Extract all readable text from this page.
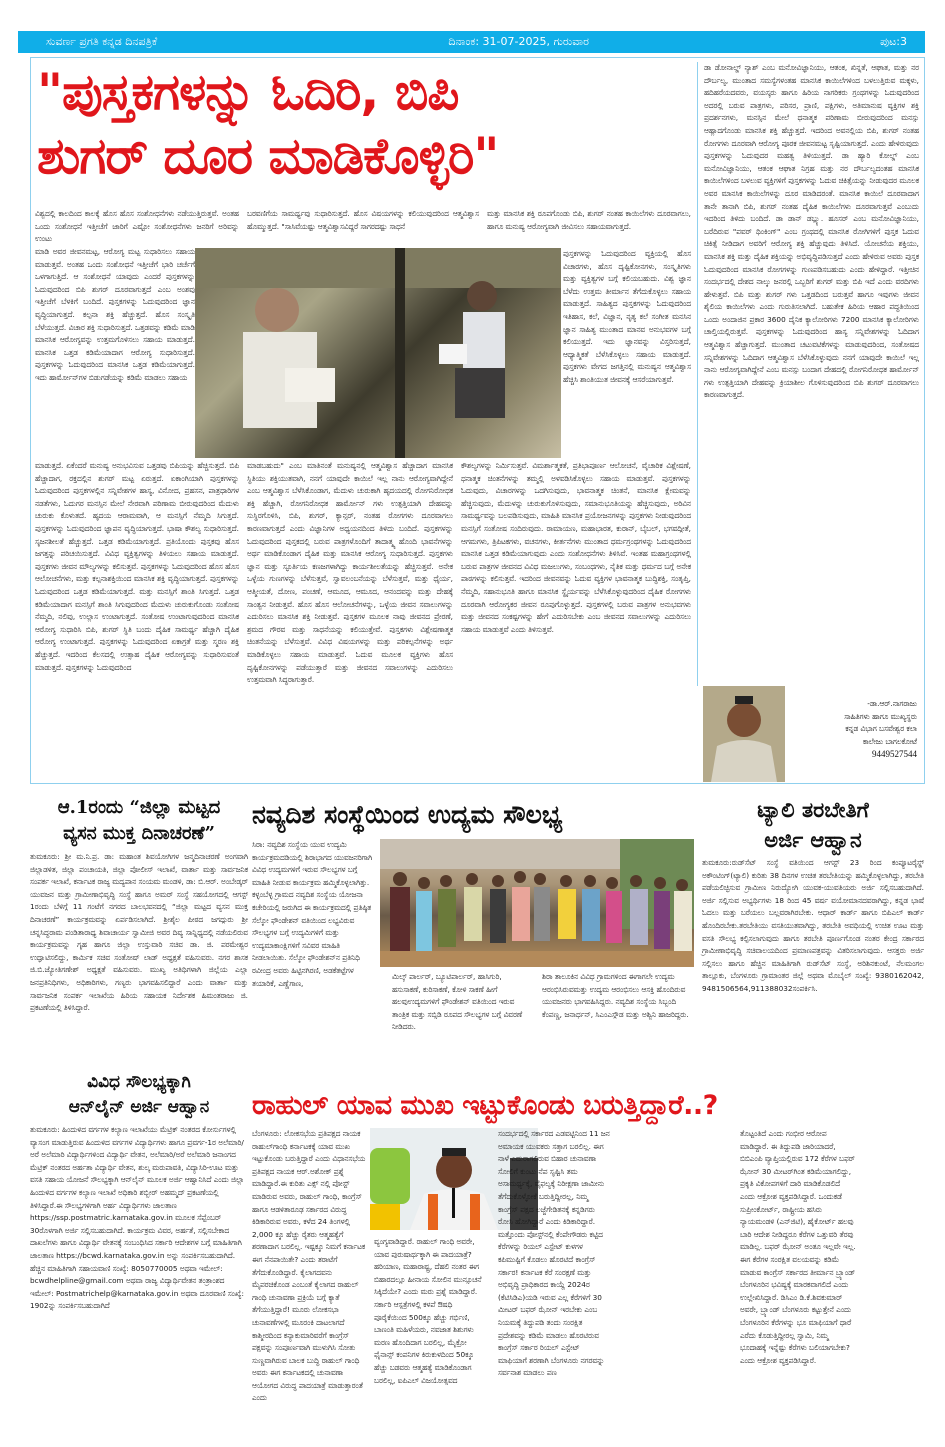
ಸುವರ್ಣ ಪ್ರಗತಿ ಕನ್ನಡ ದಿನಪತ್ರಿಕೆ	ದಿನಾಂಕ: 31-07-2025, ಗುರುವಾರ	ಪುಟ:3
"ಪುಸ್ತಕಗಳನ್ನು ಓದಿರಿ, ಬಿಪಿ
ಶುಗರ್ ದೂರ ಮಾಡಿಕೊಳ್ಳಿರಿ"
ವಿಶ್ವದಲ್ಲಿ ಕಾಲದಿಂದ ಕಾಲಕ್ಕೆ ಹೊಸ ಹೊಸ ಸಂಶೋಧನೆಗಳು ನಡೆಯುತ್ತಿರುತ್ತವೆ. ಅಂತಹ ಒಂದು ಸಂಶೋಧನೆ ಇತ್ತೀಚೆಗೆ ಜಾರಿಗೆ ಎಷ್ಟೋ ಸಂಶೋಧನೆಗಳು ಜನರಿಗೆ ಅರಿವನ್ನು ಉಂಟು
ಮಾಡಿ ಅವರ ಜೀವನಮಟ್ಟ, ಆರೋಗ್ಯ ಮಟ್ಟ ಸುಧಾರಿಸಲು ಸಹಾಯ ಮಾಡುತ್ತವೆ. ಅಂತಹ ಒಂದು ಸಂಶೋಧನೆ ಇತ್ತೀಚೆಗೆ ಭಾರಿ ಚರ್ಚೆಗೆ ಒಳಗಾಗುತ್ತಿದೆ. ಆ ಸಂಶೋಧನೆ ಯಾವುದು ಎಂದರೆ ಪುಸ್ತಕಗಳನ್ನು ಓದುವುದರಿಂದ ಬಿಪಿ ಶುಗರ್ ದೂರವಾಗುತ್ತದೆ ಎಂಬ ಅಂಶವು ಇತ್ತೀಚೆಗೆ ಬೆಳಕಿಗೆ ಬಂದಿದೆ. ಪುಸ್ತಕಗಳನ್ನು ಓದುವುದರಿಂದ ಜ್ಞಾನ ವೃದ್ಧಿಯಾಗುತ್ತದೆ. ಕಲ್ಪನಾ ಶಕ್ತಿ ಹೆಚ್ಚುತ್ತದೆ. ಹೊಸ ಸಂಸ್ಕೃತಿ ಬೆಳೆಯುತ್ತದೆ. ವಿಚಾರ ಶಕ್ತಿ ಸುಧಾರಿಸುತ್ತದೆ. ಒತ್ತಡವನ್ನು ಕಡಿಮೆ ಮಾಡಿ ಮಾನಸಿಕ ಆರೋಗ್ಯವನ್ನು ಉತ್ತಮಗೊಳಿಸಲು ಸಹಾಯ ಮಾಡುತ್ತದೆ. ಮಾನಸಿಕ ಒತ್ತಡ ಕಡಿಮೆಯಾದಾಗ ಆರೋಗ್ಯ ಸುಧಾರಿಸುತ್ತದೆ. ಪುಸ್ತಕಗಳನ್ನು ಓದುವುದರಿಂದ ಮಾನಸಿಕ ಒತ್ತಡ ಕಡಿಮೆಯಾಗುತ್ತದೆ. ಇದು ಹಾರ್ಮೋನ್‌ಗಳ ಬಿಡುಗಡೆಯನ್ನು ಕಡಿಮೆ ಮಾಡಲು ಸಹಾಯ
ಮಾಡುತ್ತದೆ. ಏಕೆಂದರೆ ಮನುಷ್ಯ ಅನುಭವಿಸುವ ಒತ್ತಡವು ಬಿಪಿಯನ್ನು ಹೆಚ್ಚಿಸುತ್ತದೆ. ಬಿಪಿ ಹೆಚ್ಚಾದಾಗ, ರಕ್ತದಲ್ಲಿನ ಶುಗರ್ ಮಟ್ಟ ಏರುತ್ತದೆ. ಏಕಾಂಗಿಯಾಗಿ ಪುಸ್ತಕಗಳನ್ನು ಓದುವುದರಿಂದ ಪುಸ್ತಕಗಳಲ್ಲಿನ ಸನ್ನಿವೇಶಗಳ ಹಾಸ್ಯ, ವಿನೋದ, ಪ್ರಹಸನ, ಪಾತ್ರಧಾರಿಗಳ ನಡತೆಗಳು, ಓದುಗರ ಮನಸ್ಸಿನ ಮೇಲೆ ನೇರವಾಗಿ ಪರಿಣಾಮ ಬೀರುವುದರಿಂದ ಮೆದುಳು ಚುರುಕು ಕೊಳುತದೆ. ಹೃದಯ ಆರಾಮವಾಗಿ, ಆ ಮನಸ್ಸಿಗೆ ನೆಮ್ಮದಿ ಸಿಗುತ್ತದೆ. ಪುಸ್ತಕಗಳನ್ನು ಓದುವುದರಿಂದ ಜ್ಞಾಪನ ವೃದ್ಧಿಯಾಗುತ್ತದೆ. ಭಾಷಾ ಕೌಶಲ್ಯ ಸುಧಾರಿಸುತ್ತದೆ. ಸೃಜನಶೀಲತೆ ಹೆಚ್ಚುತ್ತದೆ. ಒತ್ತಡ ಕಡಿಮೆಯಾಗುತ್ತದೆ. ಪ್ರತಿಯೊಂದು ಪುಸ್ತಕವು ಹೊಸ ಜಗತ್ತನ್ನು ಪರಿಚಯಿಸುತ್ತದೆ. ವಿವಿಧ ವ್ಯಕ್ತಿತ್ವಗಳನ್ನು ತಿಳಿಯಲು ಸಹಾಯ ಮಾಡುತ್ತದೆ. ಪುಸ್ತಕಗಳು ಜೀವನ ಮೌಲ್ಯಗಳನ್ನು ಕಲಿಸುತ್ತವೆ. ಪುಸ್ತಕಗಳನ್ನು ಓದುವುದರಿಂದ ಹೊಸ ಹೊಸ ಆಲೋಚನೆಗಳು, ಮತ್ತು ಕಲ್ಪನಾಶಕ್ತಿಯಿಂದ ಮಾನಸಿಕ ಶಕ್ತಿ ವೃದ್ಧಿಯಾಗುತ್ತದೆ. ಪುಸ್ತಕಗಳನ್ನು ಓದುವುದರಿಂದ ಒತ್ತಡ ಕಡಿಮೆಯಾಗುತ್ತದೆ. ಮತ್ತು ಮನಸ್ಸಿಗೆ ಶಾಂತಿ ಸಿಗುತ್ತದೆ. ಒತ್ತಡ ಕಡಿಮೆಯಾದಾಗ ಮನಸ್ಸಿಗೆ ಶಾಂತಿ ಸಿಗುವುದರಿಂದ ಮೆದುಳು ಚುರುಕುಗೊಂಡು ಸಂತೋಷ ನೆಮ್ಮದಿ, ನಲಿವು, ಉಲ್ಲಾಸ ಉಂಟಾಗುತ್ತದೆ. ಸಂತೋಷ ಉಂಟಾಗುವುದರಿಂದ ಮಾನಸಿಕ ಆರೋಗ್ಯ ಸುಧಾರಿಸಿ ಬಿಪಿ, ಶುಗರ್ ಸ್ಥಿತಿ ಬಂದು ದೈಹಿಕ ಸಾಮರ್ಥ್ಯ ಹೆಚ್ಚಾಗಿ ದೈಹಿಕ ಆರೋಗ್ಯ ಉಂಟಾಗುತ್ತದೆ. ಪುಸ್ತಕಗಳನ್ನು ಓದುವುದರಿಂದ ಏಕಾಗ್ರತೆ ಮತ್ತು ಸ್ಮರಣ ಶಕ್ತಿ ಹೆಚ್ಚುತ್ತದೆ. ಇದರಿಂದ ಕೆಲಸದಲ್ಲಿ ಉತ್ಸಾಹ ದೈಹಿಕ ಆರೋಗ್ಯವನ್ನು ಸುಧಾರಿಸುವಂತೆ ಮಾಡುತ್ತದೆ. ಪುಸ್ತಕಗಳನ್ನು ಓದುವುದರಿಂದ
ಬರವಣಿಗೆಯ ಸಾಮರ್ಥ್ಯವು ಸುಧಾರಿಸುತ್ತದೆ. ಹೊಸ ವಿಷಯಗಳನ್ನು ಕಲಿಯುವುದರಿಂದ ಆತ್ಮವಿಶ್ವಾಸ ಹೊಮ್ಮುತ್ತದೆ. "ಸಾಸಿವೆಯಷ್ಟು ಆತ್ಮವಿಶ್ವಾಸವಿದ್ದರೆ ಸಾಗರದಷ್ಟು ಸಾಧನೆ
ಮಾಡಬಹುದು" ಎಂಬ ಮಾತಿನಂತೆ ಮನುಷ್ಯನಲ್ಲಿ ಆತ್ಮವಿಶ್ವಾಸ ಹೆಚ್ಚಾದಾಗ ಮಾನಸಿಕ ಸ್ಥಿತಿಯು ಶಕ್ತಿಯುತವಾಗಿ, ನನಗೆ ಯಾವುದೇ ಕಾಯಿಲೆ ಇಲ್ಲ ನಾನು ಆರೋಗ್ಯವಾಗಿದ್ದೇನೆ ಎಂಬ ಆತ್ಮವಿಶ್ವಾಸ ಬೆಳೆಸಿಕೊಂಡಾಗ, ಮೆದುಳು ಚುರುಕಾಗಿ ಹೃದಯದಲ್ಲಿ ರೋಗನಿರೋಧಕ ಶಕ್ತಿ ಹೆಚ್ಚಾಗಿ, ರೋಗನಿರೋಧಕ ಹಾರ್ಮೋನ್ ಗಳು ಉತ್ಪತ್ತಿಯಾಗಿ ದೇಹವನ್ನು ಸುಸ್ಥಿರಗೊಳಿಸಿ, ಬಿಪಿ, ಶುಗರ್, ಕ್ಯಾನ್ಸರ್, ನಂತಹ ರೋಗಗಳು ದೂರವಾಗಲು ಕಾರಣವಾಗುತ್ತದೆ ಎಂದು ವಿಜ್ಞಾನಿಗಳ ಅಧ್ಯಯನದಿಂದ ತಿಳಿದು ಬಂದಿದೆ. ಪುಸ್ತಕಗಳನ್ನು ಓದುವುದರಿಂದ ಪುಸ್ತಕದಲ್ಲಿ ಬರುವ ಪಾತ್ರಗಳೊಂದಿಗೆ ತಾದಾತ್ಮ್ಯ ಹೊಂದಿ ಭಾವನೆಗಳನ್ನು ಅರ್ಥ ಮಾಡಿಕೊಂಡಾಗ ದೈಹಿಕ ಮತ್ತು ಮಾನಸಿಕ ಆರೋಗ್ಯ ಸುಧಾರಿಸುತ್ತದೆ. ಪುಸ್ತಕಗಳು ಜ್ಞಾನ ಮತ್ತು ಸ್ಫೂರ್ತಿಯ ಕಣಜಗಳಾಗಿದ್ದು ಕಾರ್ಯಶೀಲತೆಯನ್ನು ಹೆಚ್ಚಿಸುತ್ತವೆ. ಅನೇಕ ಒಳ್ಳೆಯ ಗುಣಗಳನ್ನು ಬೆಳೆಸುತ್ತವೆ, ಸ್ವಾವಲಂಬನೆಯನ್ನು ಬೆಳೆಸುತ್ತವೆ, ಮತ್ತು ಧೈರ್ಯ, ಆತ್ಮೀಯತೆ, ದೋಣ, ಪಂಚಣೆ, ಆಮೂದ, ಆಮೂದ, ಆನಂದವನ್ನು ಮತ್ತು ದೇಹಕ್ಕೆ ಸಾಂತ್ವನ ನೀಡುತ್ತವೆ. ಹೊಸ ಹೊಸ ಆಲೋಚನೆಗಳನ್ನು, ಒಳ್ಳೆಯ ಜೀವನ ಸವಾಲುಗಳನ್ನು ಎದುರಿಸಲು ಮಾನಸಿಕ ಶಕ್ತಿ ನೀಡುತ್ತವೆ. ಪುಸ್ತಕಗಳ ಮೂಲಕ ನಾವು ಜೀವನದ ಪ್ರೇರಣೆ, ಶ್ರಮದ ಗೌರವ ಮತ್ತು ಸಾಧನೆಯನ್ನು ಕಲಿಯುತ್ತೇವೆ. ಪುಸ್ತಕಗಳು ವಿಶ್ಲೇಷಣಾತ್ಮಕ ಚಿಂತನೆಯನ್ನು ಬೆಳೆಸುತ್ತವೆ. ವಿವಿಧ ವಿಷಯಗಳನ್ನು ಮತ್ತು ಪರಿಕಲ್ಪನೆಗಳನ್ನು ಅರ್ಥ ಮಾಡಿಕೊಳ್ಳಲು ಸಹಾಯ ಮಾಡುತ್ತವೆ. ಓದುವ ಮೂಲಕ ವ್ಯಕ್ತಿಗಳು ಹೊಸ ದೃಷ್ಟಿಕೋನಗಳನ್ನು ಪಡೆಯುತ್ತಾರೆ ಮತ್ತು ಜೀವನದ ಸವಾಲುಗಳನ್ನು ಎದುರಿಸಲು ಉತ್ತಮವಾಗಿ ಸಿದ್ಧರಾಗುತ್ತಾರೆ.
ಮತ್ತು ಮಾನಸಿಕ ಶಕ್ತಿ ರೂಪಗೊಂಡು ಬಿಪಿ, ಶುಗರ್ ನಂತಹ ಕಾಯಿಲೆಗಳು ದೂರವಾಗಲು, ಹಾಗೂ ಮನುಷ್ಯ ಆರೋಗ್ಯವಾಗಿ ಜೀವಿಸಲು ಸಹಾಯವಾಗುತ್ತದೆ.
ಪುಸ್ತಕಗಳನ್ನು ಓದುವುದರಿಂದ ವ್ಯಕ್ತಿಯಲ್ಲಿ ಹೊಸ ವಿಚಾರಗಳು, ಹೊಸ ದೃಷ್ಟಿಕೋನಗಳು, ಸಂಸ್ಕೃತಿಗಳು ಮತ್ತು ವ್ಯಕ್ತಿತ್ವಗಳ ಬಗ್ಗೆ ಕಲಿಯಬಹುದು. ವಿಶ್ವ ಜ್ಞಾನ ಬೆಳೆದು ಉತ್ತಮ ತೀರ್ಮಾನ ತೆಗೆದುಕೊಳ್ಳಲು ಸಹಾಯ ಮಾಡುತ್ತದೆ. ಸಾಹಿತ್ಯದ ಪುಸ್ತಕಗಳನ್ನು ಓದುವುದರಿಂದ ಇತಿಹಾಸ, ಕಲೆ, ವಿಜ್ಞಾನ, ನೃತ್ಯ ಕಲೆ ಸಂಗೀತ ಮನಸಿನ ಜ್ಞಾನ ಸಾಹಿತ್ಯ ಮುಂತಾದ ಮಾನವ ಅನುಭವಗಳ ಬಗ್ಗೆ ಕಲಿಯುತ್ತದೆ. ಇದು ಜ್ಞಾನವನ್ನು ವಿಸ್ತರಿಸುತ್ತದೆ, ಆಧ್ಯಾತ್ಮಿಕತೆ ಬೆಳೆಸಿಕೊಳ್ಳಲು ಸಹಾಯ ಮಾಡುತ್ತದೆ. ಪುಸ್ತಕಗಳು ವೇಗದ ಜಗತ್ತಿನಲ್ಲಿ ಮನುಷ್ಯನ ಆತ್ಮವಿಶ್ವಾಸ ಹೆಚ್ಚಿಸಿ ಶಾಂತಿಯುತ ಜೀವನಕ್ಕೆ ಆಸರೆಯಾಗುತ್ತವೆ.
ಕೌಶಲ್ಯಗಳನ್ನು ನಿರ್ಮಿಸುತ್ತವೆ. ವಿಮರ್ಶಾತ್ಮಕತೆ, ಪ್ರತಿಭಾಪೂರ್ಣ ಆಲೋಚನೆ, ವೈಚಾರಿಕ ವಿಶ್ಲೇಷಣೆ, ಧನಾತ್ಮಕ ಚಿಂತನೆಗಳನ್ನು ತಮ್ಮಲ್ಲಿ ಅಳವಡಿಸಿಕೊಳ್ಳಲು ಸಹಾಯ ಮಾಡುತ್ತವೆ. ಪುಸ್ತಕಗಳನ್ನು ಓದುವುದು, ವಿಚಾರಗಳನ್ನು ಒದಗಿಸುವುದು, ಭಾವನಾತ್ಮಕ ಚಿಂತನೆ, ಮಾನಸಿಕ ಕ್ಷೇಮವನ್ನು ಹೆಚ್ಚಿಸುವುದು, ಮೆದುಳನ್ನು ಚುರುಕುಗೊಳಿಸುವುದು, ಸಮಾನುಭೂತಿಯನ್ನು ಹೆಚ್ಚಿಸುವುದು, ಅರಿವಿನ ಸಾಮರ್ಥ್ಯವನ್ನು ಬಲಪಡಿಸುವುದು, ಮಾಹಿತಿ ಮಾನಸಿಕ ಪ್ರಯೋಜನಗಳನ್ನು ಪುಸ್ತಕಗಳು ನೀಡುವುದರಿಂದ ಮನಸ್ಸಿಗೆ ಸಂತೋಷ ಸಂದಿರುವುದು. ರಾಮಾಯಣ, ಮಹಾಭಾರತ, ಕುರಾನ್, ಬೈಬಲ್, ಭಗವದ್ಗೀತೆ, ಆಗಮಗಳು, ತ್ರಿಪಿಟಕಗಳು, ವಚನಗಳು, ಕೀರ್ತನೆಗಳು ಮುಂತಾದ ಧರ್ಮಗ್ರಂಥಗಳನ್ನು ಓದುವುದರಿಂದ ಮಾನಸಿಕ ಒತ್ತಡ ಕಡಿಮೆಯಾಗುವುದು ಎಂದು ಸಂಶೋಧನೆಗಳು ತಿಳಿಸಿವೆ. ಇಂತಹ ಮಹಾಗ್ರಂಥಗಳಲ್ಲಿ ಬರುವ ಪಾತ್ರಗಳ ಜೀವನದ ವಿವಿಧ ಮಜಲುಗಳು, ಸಂಬಂಧಗಳು, ನೈತಿಕ ಮತ್ತು ಧರ್ಮದ ಬಗ್ಗೆ ಅನೇಕ ಪಾಠಗಳನ್ನು ಕಲಿಸುತ್ತವೆ. ಇದರಿಂದ ಜೀವನವನ್ನು ಓದುವ ವ್ಯಕ್ತಿಗಳ ಭಾವನಾತ್ಮಕ ಬುದ್ಧಿಶಕ್ತಿ, ಸಂತೃಪ್ತಿ, ನೆಮ್ಮದಿ, ಸಹಾನುಭೂತಿ ಹಾಗೂ ಮಾನಸಿಕ ಸ್ಥೈರ್ಯವನ್ನು ಬೆಳೆಸಿಕೊಳ್ಳುವುದರಿಂದ ದೈಹಿಕ ರೋಗಗಳು ದೂರವಾಗಿ ಆರೋಗ್ಯಕರ ಜೀವನ ರೂಪುಗೊಳ್ಳುತ್ತದೆ. ಪುಸ್ತಕಗಳಲ್ಲಿ ಬರುವ ಪಾತ್ರಗಳ ಅನುಭವಗಳು ಮತ್ತು ಜೀವನದ ಸಂಕಷ್ಟಗಳನ್ನು ಹೇಗೆ ಎದುರಿಸಬೇಕು ಎಂಬ ಜೀವನದ ಸವಾಲುಗಳನ್ನು ಎದುರಿಸಲು ಸಹಾಯ ಮಾಡುತ್ತವೆ ಎಂದು ತಿಳಿಸುತ್ತವೆ.
ಡಾ ಡೋನಾಲ್ಡ್ ನ್ಯಾಶ್ ಎಂಬ ಮನೋವಿಜ್ಞಾನಿಯು, ಆತಂಕ, ಖಿನ್ನತೆ, ಆಘಾತ, ಮತ್ತು ನರ ದೌರ್ಬಲ್ಯ, ಮುಂತಾದ ಸಮಸ್ಯೆಗಳಂತಹ ಮಾನಸಿಕ ಕಾಯಿಲೆಗಳಿಂದ ಬಳಲುತ್ತಿರುವ ಮಕ್ಕಳು, ಹದಿಹರೆಯದವರು, ವಯಸ್ಕರು ಹಾಗೂ ಹಿರಿಯ ನಾಗರಿಕರು ಗ್ರಂಥಗಳನ್ನು ಓದುವುದರಿಂದ ಅದರಲ್ಲಿ ಬರುವ ಪಾತ್ರಗಳು, ಪರಿಸರ, ಪ್ರಾಣಿ, ಪಕ್ಷಿಗಳು, ಅತಿಮಾನುಷ ವ್ಯಕ್ತಿಗಳ ಶಕ್ತಿ ಪ್ರದರ್ಶನಗಳು, ಮನಸ್ಸಿನ ಮೇಲೆ ಧನಾತ್ಮಕ ಪರಿಣಾಮ ಬೀರುವುದರಿಂದ ಮನಸ್ಸು ಆಹ್ಲಾದಗೊಂಡು ಮಾನಸಿಕ ಶಕ್ತಿ ಹೆಚ್ಚುತ್ತದೆ. ಇದರಿಂದ ಅವನಲ್ಲಿಯ ಬಿಪಿ, ಶುಗರ್ ನಂತಹ ರೋಗಗಳು ದೂರವಾಗಿ ಆರೋಗ್ಯ ಪೂರಕ ಜೀವನಮಟ್ಟ ಸೃಷ್ಟಿಯಾಗುತ್ತದೆ. ಎಂದು ಹೇಳಿರುವುದು ಪುಸ್ತಕಗಳನ್ನು ಓದುವುದರ ಮಹತ್ವ ತಿಳಿಯುತ್ತದೆ. ಡಾ ಹ್ಯಾರಿ ಕೋಲ್ಡ್ ಎಂಬ ಮನೋವಿಜ್ಞಾನಿಯು, ಆತಂಕ ಆಘಾತ ನಿಗ್ರಹ ಮತ್ತು ನರ ದೌರ್ಬಲ್ಯದಂತಹ ಮಾನಸಿಕ ಕಾಯಿಲೆಗಳಿಂದ ಬಳಲುವ ವ್ಯಕ್ತಿಗಳಿಗೆ ಪುಸ್ತಕಗಳನ್ನು ಓದುವ ಚಿಕಿತ್ಸೆಯನ್ನು ನೀಡುವುದರ ಮೂಲಕ ಅವರ ಮಾನಸಿಕ ಕಾಯಿಲೆಗಳನ್ನು ದೂರ ಮಾಡಿದರಂತೆ. ಮಾನಸಿಕ ಕಾಯಿಲೆ ದೂರವಾದಾಗ ತಾನೇ ತಾನಾಗಿ ಬಿಪಿ, ಶುಗರ್ ನಂತಹ ದೈಹಿಕ ಕಾಯಿಲೆಗಳು ದೂರವಾಗುತ್ತವೆ ಎಂಬುದು ಇದರಿಂದ ತಿಳಿದು ಬಂದಿದೆ. ಡಾ ಡಾನ್ ಡಬ್ಲ್ಯು. ಹೂಸರ್ ಎಂಬ ಮನೋವಿಜ್ಞಾನಿಯು, ಬರೆದಿರುವ "ಪವರ್ ಥಿಂಕಿಂಗ್" ಎಂಬ ಗ್ರಂಥದಲ್ಲಿ ಮಾನಸಿಕ ರೋಗಿಗಳಿಗೆ ಪುಸ್ತಕ ಓದುವ ಚಿಕಿತ್ಸೆ ನೀಡಿದಾಗ ಅವರಿಗೆ ಆರೋಗ್ಯ ಶಕ್ತಿ ಹೆಚ್ಚುವುದು ತಿಳಿಸಿದೆ. ಯೋಚನೆಯ ಶಕ್ತಿಯು, ಮಾನಸಿಕ ಶಕ್ತಿ ಮತ್ತು ದೈಹಿಕ ಶಕ್ತಿಯನ್ನು ಅಭಿವೃದ್ಧಿಪಡಿಸುತ್ತದೆ ಎಂದು ಹೇಳಿರುವ ಅವರು ಪುಸ್ತಕ ಓದುವುದರಿಂದ ಮಾನಸಿಕ ರೋಗಗಳನ್ನು ಗುಣಪಡಿಸಬಹುದು ಎಂದು ಹೇಳಿದ್ದಾರೆ. ಇತ್ತೀಚಿನ ಸಂದರ್ಭದಲ್ಲಿ ದೇಶದ ನಾಲ್ಕು ಜನರಲ್ಲಿ ಒಬ್ಬರಿಗೆ ಶುಗರ್ ಮತ್ತು ಬಿಪಿ ಇದೆ ಎಂದು ವರದಿಗಳು ಹೇಳುತ್ತವೆ. ಬಿಪಿ ಮತ್ತು ಶುಗರ್ ಗಳು ಒತ್ತಡದಿಂದ ಬರುತ್ತವೆ ಹಾಗೂ ಇವುಗಳು ಜೀವನ ಶೈಲಿಯ ಕಾಯಿಲೆಗಳು ಎಂದು ಗುರುತಿಸಲಾಗಿದೆ. ಬಹುತೇಕ ಹಿರಿಯ ಆಹಾರ ಪದ್ಧತಿಯಿಂದ ಒಂದು ಅಂದಾಜಿನ ಪ್ರಕಾರ 3600 ದೈನಿಕ ಕ್ಯಾಲೋರಿಗಳು 7200 ಮಾನಸಿಕ ಕ್ಯಾಲೋರಿಗಳು ಚಾಲ್ತಿಯಲ್ಲಿರುತ್ತವೆ. ಪುಸ್ತಕಗಳನ್ನು ಓದುವುದರಿಂದ ಹಾಸ್ಯ ಸನ್ನಿವೇಶಗಳನ್ನು ಓದಿದಾಗ ಆತ್ಮವಿಶ್ವಾಸ ಹೆಚ್ಚಾಗುತ್ತದೆ. ಮುಂತಾದ ಚಟುವಟಿಕೆಗಳನ್ನು ಮಾಡುವುದರಿಂದ, ಸಂತೋಷದ ಸನ್ನಿವೇಶಗಳನ್ನು ಓದಿದಾಗ ಆತ್ಮವಿಶ್ವಾಸ ಬೆಳೆಸಿಕೊಳ್ಳುವುದು ನನಗೆ ಯಾವುದೇ ಕಾಯಿಲೆ ಇಲ್ಲ ನಾನು ಆರೋಗ್ಯವಾಗಿದ್ದೇನೆ ಎಂಬ ಮನಸ್ಸು ಬಂದಾಗ ದೇಹದಲ್ಲಿ ರೋಗನಿರೋಧಕ ಹಾರ್ಮೋನ್ ಗಳು ಉತ್ಪತ್ತಿಯಾಗಿ ದೇಹವನ್ನು ಕ್ರಿಯಾಶೀಲ ಗೊಳಿಸುವುದರಿಂದ ಬಿಪಿ ಶುಗರ್ ದೂರವಾಗಲು ಕಾರಣವಾಗುತ್ತದೆ.
-ಡಾ.ಆರ್.ನಾಗರಾಜು
ಸಾಹಿತಿಗಳು ಹಾಗೂ ಮುಖ್ಯಸ್ಥರು
ಕನ್ನಡ ವಿಭಾಗ ಬಸವೇಶ್ವರ ಕಲಾ
ಕಾಲೇಜು ಬಾಗಲಕೋಟೆ
9449527544
ಆ.1ರಂದು “ಜಿಲ್ಲಾ ಮಟ್ಟದ
ವ್ಯಸನ ಮುಕ್ತ ದಿನಾಚರಣೆ”
ತುಮಕೂರು: ಶ್ರೀ ಮ.ನಿ.ಪ್ರ. ಡಾ: ಮಹಾಂತ ಶಿವಯೋಗಿಗಳ ಜನ್ಮದಿನಾಚರಣೆ ಅಂಗವಾಗಿ ಜಿಲ್ಲಾಡಳಿತ, ಜಿಲ್ಲಾ ಪಂಚಾಯತಿ, ಜಿಲ್ಲಾ ಪೋಲೀಸ್ ಇಲಾಖೆ, ವಾರ್ತಾ ಮತ್ತು ಸಾರ್ವಜನಿಕ ಸಂಪರ್ಕ ಇಲಾಖೆ, ಕರ್ನಾಟಕ ರಾಜ್ಯ ಮದ್ಯಪಾನ ಸಂಯಮ ಮಂಡಳಿ, ಡಾ: ಬಿ.ಆರ್. ಅಂಬೇಡ್ಕರ್ ಯುವಜನ ಮತ್ತು ಗ್ರಾಮೀಣಾಭಿವೃದ್ಧಿ ಸಂಸ್ಥೆ ಹಾಗೂ ಅಮರ್ ಸಂಸ್ಥೆ ಸಹಯೋಗದಲ್ಲಿ ಆಗಸ್ಟ್ 1ರಂದು ಬೆಳಿಗ್ಗೆ 11 ಗಂಟೆಗೆ ನಗರದ ಬಾಲಭವನದಲ್ಲಿ “ಜಿಲ್ಲಾ ಮಟ್ಟದ ವ್ಯಸನ ಮುಕ್ತ ದಿನಾಚರಣೆ” ಕಾರ್ಯಕ್ರಮವನ್ನು ಏರ್ಪಡಿಸಲಾಗಿದೆ. ಶ್ರೀಶೈಲ ಪೀಠದ ಜಗದ್ಗುರು ಶ್ರೀ ಚನ್ನಸಿದ್ಧರಾಮ ಪಂಡಿತಾರಾಧ್ಯ ಶಿವಾಚಾರ್ಯ ಸ್ವಾಮೀಜಿ ಅವರ ದಿವ್ಯ ಸಾನ್ನಿಧ್ಯದಲ್ಲಿ ನಡೆಯಲಿರುವ ಕಾರ್ಯಕ್ರಮವನ್ನು ಗೃಹ ಹಾಗೂ ಜಿಲ್ಲಾ ಉಸ್ತುವಾರಿ ಸಚಿವ ಡಾ. ಜಿ. ಪರಮೇಶ್ವರ ಉದ್ಘಾಟಿಸಲಿದ್ದು, ಕಾರ್ಮಿಕ ಸಚಿವ ಸಂತೋಷ್ ಲಾಡ್ ಅಧ್ಯಕ್ಷತೆ ವಹಿಸುವರು. ನಗರ ಶಾಸಕ ಜಿ.ಬಿ.ಜ್ಯೋತಿಗಣೇಶ್ ಅಧ್ಯಕ್ಷತೆ ವಹಿಸುವರು. ಮುಖ್ಯ ಅತಿಥಿಗಳಾಗಿ ಜಿಲ್ಲೆಯ ಎಲ್ಲಾ ಜನಪ್ರತಿನಿಧಿಗಳು, ಅಧಿಕಾರಿಗಳು, ಗಣ್ಯರು ಭಾಗವಹಿಸಲಿದ್ದಾರೆ ಎಂದು ವಾರ್ತಾ ಮತ್ತು ಸಾರ್ವಜನಿಕ ಸಂಪರ್ಕ ಇಲಾಖೆಯ ಹಿರಿಯ ಸಹಾಯಕ ನಿರ್ದೇಶಕ ಹಿಮಂತರಾಜು ಜಿ. ಪ್ರಕಟಣೆಯಲ್ಲಿ ತಿಳಿಸಿದ್ದಾರೆ.
ನವ್ಯದಿಶ ಸಂಸ್ಥೆಯಿಂದ ಉದ್ಯಮ ಸೌಲಭ್ಯ
ಸಿರಾ: ನವ್ಯದಿಶ ಸಂಸ್ಥೆಯ ಯುವ ಉದ್ಯಮಿ ಕಾರ್ಯಕ್ರಮದಡಿಯಲ್ಲಿ ಶಿರಾಭಾಗದ ಯುವಜನರಿಗಾಗಿ ವಿವಿಧ ಉದ್ಯಮಗಳಿಗೆ ಇರುವ ಸೌಲಭ್ಯಗಳ ಬಗ್ಗೆ ಮಾಹಿತಿ ನೀಡುವ ಕಾರ್ಯಕ್ರಮ ಹಮ್ಮಿಕೊಳ್ಳಲಾಗಿತ್ತು. ಕಳ್ಳಂಬೆಳ್ಳ ಗ್ರಾಮದ ನವ್ಯದಿಶ ಸಂಸ್ಥೆಯ ಯೋಜನಾ ಕಚೇರಿಯಲ್ಲಿ ಜರುಗಿದ ಈ ಕಾರ್ಯಕ್ರಮದಲ್ಲಿ ಪ್ರತಿಷ್ಠಿತ ಸೆಲ್ಕೋ ಫೌಂಡೇಶನ್ ವತಿಯಿಂದ ಲಭ್ಯವಿರುವ ಸೌಲಭ್ಯಗಳ ಬಗ್ಗೆ ಉದ್ಯಮಿಗಳಿಗೆ ಮತ್ತು ಉದ್ಯಮಾಕಾಂಕ್ಷಿಗಳಿಗೆ ಸವಿವರ ಮಾಹಿತಿ ನೀಡಲಾಯಿತು. ಸೆಲ್ಕೋ ಫೌಂಡೇಶನ್‌ನ ಪ್ರತಿನಿಧಿ ರವೀಂದ್ರ ಅವರು ಹಿಟ್ಟಿನಗಿರಣಿ, ಅಡಕೆತಟ್ಟೆಗಳ ತಯಾರಿಕೆ, ಎಣ್ಣೆಗಾಣ,
ಮಿಲ್ಕ್ ಪಾರ್ಲರ್, ಬ್ಯೂಟಿಪಾರ್ಲರ್, ಹಾಸಿಗುರಿ, ಹಸುಸಾಕಣೆ, ಕುರಿಸಾಕಣೆ, ಕೋಳಿ ಸಾಕಣೆ ಹೀಗೆ ಹಲವುಉದ್ಯಮಗಳಿಗೆ ಫೌಂಡೇಶನ್ ವತಿಯಿಂದ ಇರುವ ತಾಂತ್ರಿಕ ಮತ್ತು ಸಬ್ಸಿಡಿ ರೂಪದ ಸೌಲಭ್ಯಗಳ ಬಗ್ಗೆ ವಿವರಣೆ ನೀಡಿದರು.
ಶಿರಾ ತಾಲೂಕಿನ ವಿವಿಧ ಗ್ರಾಮಗಳಿಂದ ಈಗಾಗಲೇ ಉದ್ಯಮ ಆರಂಭಿಸಿರುವಮತ್ತು ಉದ್ಯಮ ಆರಂಭಿಸಲು ಆಸಕ್ತಿ ಹೊಂದಿರುವ ಯುವಜನರು ಭಾಗವಹಿಸಿದ್ದರು. ನವ್ಯದಿಶ ಸಂಸ್ಥೆಯ ಸಿಬ್ಬಂದಿ ಕೆಂಪಣ್ಣ, ಜನಾರ್ಧನ್, ಸಿಎಂಎಸ್ಗೌಡ ಮತ್ತು ಅಶ್ವಿನಿ ಹಾಜರಿದ್ದರು.
ಟ್ಯಾಲಿ ತರಬೇತಿಗೆ
ಅರ್ಜಿ ಆಹ್ವಾನ
ತುಮಕೂರು:ರುಡ್‌ಸೆಟ್ ಸಂಸ್ಥೆ ವತಿಯಿಂದ ಆಗಸ್ಟ್ 23 ರಿಂದ ಕಂಪ್ಯೂಟರೈಸ್ಡ್ ಅಕೌಂಟಿಂಗ್(ಟ್ಯಾಲಿ) ಕುರಿತು 38 ದಿನಗಳ ಉಚಿತ ತರಬೇತಿಯನ್ನು ಹಮ್ಮಿಕೊಳ್ಳಲಾಗಿದ್ದು, ತರಬೇತಿ ಪಡೆಯಲಿಚ್ಛಿಸುವ ಗ್ರಾಮೀಣ ನಿರುದ್ಯೋಗಿ ಯುವಕ-ಯುವತಿಯರು ಅರ್ಜಿ ಸಲ್ಲಿಸಬಹುದಾಗಿದೆ. ಅರ್ಜಿ ಸಲ್ಲಿಸುವ ಅಭ್ಯರ್ಥಿಗಳು 18 ರಿಂದ 45 ವರ್ಷ ವಯೋಮಾನದವರಾಗಿದ್ದು, ಕನ್ನಡ ಭಾಷೆ ಓದಲು ಮತ್ತು ಬರೆಯಲು ಬಲ್ಲವರಾಗಿರಬೇಕು. ಆಧಾರ್ ಕಾರ್ಡ್ ಹಾಗೂ ಬಿಪಿಎಲ್ ಕಾರ್ಡ್ ಹೊಂದಿರಬೇಕು.ತರಬೇತಿಯು ವಸತಿಯುತವಾಗಿದ್ದು, ತರಬೇತಿ ಅವಧಿಯಲ್ಲಿ ಉಚಿತ ಊಟ ಮತ್ತು ವಸತಿ ಸೌಲಭ್ಯ ಕಲ್ಪಿಸಲಾಗುವುದು ಹಾಗೂ ತರಬೇತಿ ಪೂರ್ಣಗೊಂಡ ನಂತರ ಕೇಂದ್ರ ಸರ್ಕಾರದ ಗ್ರಾಮೀಣಾಭಿವೃದ್ಧಿ ಸಚಿವಾಲಯದಿಂದ ಪ್ರಮಾಣಪತ್ರವನ್ನು ವಿತರಿಸಲಾಗುವುದು. ಆಸಕ್ತರು ಅರ್ಜಿ ಸಲ್ಲಿಸಲು ಹಾಗೂ ಹೆಚ್ಚಿನ ಮಾಹಿತಿಗಾಗಿ ರುಡ್‌ಸೆಟ್ ಸಂಸ್ಥೆ, ಅರಿಶಿನಕುಂಟೆ, ನೆಲಮಂಗಲ ತಾಲ್ಲೂಕು, ಬೆಂಗಳೂರು ಗ್ರಾಮಾಂತರ ಜಿಲ್ಲೆ ಅಥವಾ ಮೊಬೈಲ್ ಸಂಖ್ಯೆ: 9380162042, 9481506564,911388032ಸಂಪರ್ಕಿಸಿ.
ವಿವಿಧ ಸೌಲಭ್ಯಕ್ಕಾಗಿ
ಆನ್‌ಲೈನ್ ಅರ್ಜಿ ಆಹ್ವಾನ
ತುಮಕೂರು: ಹಿಂದುಳಿದ ವರ್ಗಗಳ ಕಲ್ಯಾಣ ಇಲಾಖೆಯು ಮೆಟ್ರಿಕ್ ನಂತರದ ಕೋರ್ಸುಗಳಲ್ಲಿ ವ್ಯಾಸಂಗ ಮಾಡುತ್ತಿರುವ ಹಿಂದುಳಿದ ವರ್ಗಗಳ ವಿದ್ಯಾರ್ಥಿಗಳು ಹಾಗೂ ಪ್ರವರ್ಗ-1ರ ಅಲೆಮಾರಿ/ಅರೆ ಅಲೆಮಾರಿ ವಿದ್ಯಾರ್ಥಿಗಳಿಂದ ವಿದ್ಯಾರ್ಥಿ ವೇತನ, ಅಲೆಮಾರಿ/ಅರೆ ಅಲೆಮಾರಿ ಜನಾಂಗದ ಮೆಟ್ರಿಕ್ ನಂತರದ ಅರ್ಹತಾ ವಿದ್ಯಾರ್ಥಿ ವೇತನ, ಶುಲ್ಕ ಮರುಪಾವತಿ, ವಿದ್ಯಾಸಿರಿ-ಊಟ ಮತ್ತು ವಸತಿ ಸಹಾಯ ಯೋಜನೆ ಸೌಲಭ್ಯಕ್ಕಾಗಿ ಆನ್‌ಲೈನ್ ಮೂಲಕ ಅರ್ಜಿ ಆಹ್ವಾನಿಸಿದೆ ಎಂದು ಜಿಲ್ಲಾ ಹಿಂದುಳಿದ ವರ್ಗಗಳ ಕಲ್ಯಾಣ ಇಲಾಖೆ ಅಧಿಕಾರಿ ಶಬ್ಬೀರ್ ಅಹಮ್ಮದ್ ಪ್ರಕಟಣೆಯಲ್ಲಿ ತಿಳಿಸಿದ್ದಾರೆ.ಈ ಸೌಲಭ್ಯಗಳಿಗಾಗಿ ಅರ್ಹ ವಿದ್ಯಾರ್ಥಿಗಳು ಜಾಲತಾಣ https://ssp.postmatric.karnataka.gov.in ಮೂಲಕ ಸೆಪ್ಟೆಂಬರ್ 30ರೊಳಗಾಗಿ ಅರ್ಜಿ ಸಲ್ಲಿಸಬಹುದಾಗಿದೆ. ಕಾರ್ಯಕ್ರಮ ವಿವರ, ಅರ್ಹತೆ, ಸಲ್ಲಿಸಬೇಕಾದ ದಾಖಲೆಗಳು ಹಾಗೂ ವಿದ್ಯಾರ್ಥಿ ವೇತನಕ್ಕೆ ಸಂಬಂಧಿಸಿದ ಸರ್ಕಾರಿ ಆದೇಶಗಳ ಬಗ್ಗೆ ಮಾಹಿತಿಗಾಗಿ ಜಾಲತಾಣ https://bcwd.karnataka.gov.in ಅನ್ನು ಸಂಪರ್ಕಿಸಬಹುದಾಗಿದೆ. ಹೆಚ್ಚಿನ ಮಾಹಿತಿಗಾಗಿ ಸಹಾಯವಾಣಿ ಸಂಖ್ಯೆ: 8050770005 ಅಥವಾ ಇಮೇಲ್: bcwdhelpline@gmail.com ಅಥವಾ ರಾಜ್ಯ ವಿದ್ಯಾರ್ಥಿವೇತನ ತಂತ್ರಾಂಶದ ಇಮೇಲ್: Postmatrichelp@karnataka.gov.in ಅಥವಾ ದೂರವಾಣಿ ಸಂಖ್ಯೆ: 1902ನ್ನು ಸಂಪರ್ಕಿಸಬಹುದಾಗಿದೆ
ರಾಹುಲ್ ಯಾವ ಮುಖ ಇಟ್ಟುಕೊಂಡು ಬರುತ್ತಿದ್ದಾರೆ..?
ಬೆಂಗಳೂರು: ಲೋಕಸಭೆಯ ಪ್ರತಿಪಕ್ಷದ ನಾಯಕ ರಾಹುಲ್‌ಗಾಂಧಿ ಕರ್ನಾಟಕಕ್ಕೆ ಯಾವ ಮುಖ ಇಟ್ಟುಕೊಂಡು ಬರುತ್ತಿದ್ದಾರೆ ಎಂದು ವಿಧಾನಸಭೆಯ ಪ್ರತಿಪಕ್ಷದ ನಾಯಕ ಆರ್.ಅಶೋಕ್ ಪ್ರಶ್ನೆ ಮಾಡಿದ್ದಾರೆ.ಈ ಕುರಿತು ಎಕ್ಸ್ ನಲ್ಲಿ ಪೋಸ್ಟ್ ಮಾಡಿರುವ ಅವರು, ರಾಹುಲ್ ಗಾಂಧಿ, ಕಾಂಗ್ರೆಸ್ ಹಾಗೂ ಆಡಳಿತಾರೂಢ ಸರ್ಕಾರದ ವಿರುದ್ಧ ಕಿಡಿಕಾರಿರುವ ಅವರು, ಕಳೆದ 24 ತಿಂಗಳಲ್ಲಿ 2,000 ಕ್ಕೂ ಹೆಚ್ಚು ರೈತರು ಆತ್ಮಹತ್ಯೆಗೆ ಶರಣಾದಾಗ ಬರಲಿಲ್ಲ. ಇಷ್ಟಕ್ಕೂ ನಿಮಗೆ ಕರ್ನಾಟಕ ಈಗ ನೆನಪಾಯಿತೇ? ಎಂದು ತರಾಟೆಗೆ ತೆಗೆದುಕೊಂಡಿದ್ದಾರೆ. ಕೈಲಾಗದವನು ಮೈಪರಚಿಕೊಂಡ ಎಂಬಂತೆ ಕೈಲಾಗದ ರಾಹುಲ್ ಗಾಂಧಿ ಚುನಾವಣಾ ಪ್ರಕ್ರಿಯೆ ಬಗ್ಗೆ ಕ್ಯಾತೆ ತೆಗೆಯುತ್ತಿದ್ದಾರೆ! ಮೂರು ಲೋಕಸಭಾ ಚುನಾವಣೆಗಳಲ್ಲಿ ಮೂರಂಕಿ ದಾಟಲಾಗದೆ ಕಾಶ್ಮೀರದಿಂದ ಕನ್ಯಾಕುಮಾರಿವರೆಗೆ ಕಾಂಗ್ರೆಸ್ ಪಕ್ಷವನ್ನು ಸಂಪೂರ್ಣವಾಗಿ ಮುಳುಗಿಸಿ ಸೋತು ಸುಣ್ಣವಾಗಿರುವ ಬಾಲಕ ಬುದ್ಧಿ ರಾಹುಲ್ ಗಾಂಧಿ ಅವರು ಈಗ ಕರ್ನಾಟಕದಲ್ಲಿ ಚುನಾವಣಾ ಆಯೋಗದ ವಿರುದ್ಧ ಪಾದಯಾತ್ರೆ ಮಾಡುತ್ತಾರಂತೆ ಎಂದು
ವ್ಯಂಗ್ಯವಾಡಿದ್ದಾರೆ. ರಾಹುಲ್ ಗಾಂಧಿ ಅವರೇ, ಯಾವ ಪುರುಷಾರ್ಥಕ್ಕಾಗಿ ಈ ಪಾದಯಾತ್ರೆ? ಹರಿಯಾಣ, ಮಹಾರಾಷ್ಟ್ರ, ದೆಹಲಿ ನಂತರ ಈಗ ಬಿಹಾರದಲ್ಲೂ ಹೀನಾಯ ಸೋಲಿನ ಮುನ್ಸೂಚನೆ ಸಿಕ್ಕಿದೆಯೇ? ಎಂದು ಮರು ಪ್ರಶ್ನೆ ಮಾಡಿದ್ದಾರೆ. ಸರ್ಕಾರಿ ಆಸ್ಪತ್ರೆಗಳಲ್ಲಿ ಕಳಪೆ ಔಷಧಿ ಪೂರೈಕೆಯಿಂದ 500ಕ್ಕೂ ಹೆಚ್ಚು ಗರ್ಭಿಣಿ, ಬಾಣಂತಿ ಮಹಿಳೆಯರು, ನವಜಾತ ಶಿಶುಗಳು ಮರಣ ಹೊಂದಿದಾಗ ಬರಲಿಲ್ಲ, ಮೈಕ್ರೋ ಫೈನಾನ್ಸ್ ಕಂಪನಿಗಳ ಕಿರುಕುಳದಿಂದ 50ಕ್ಕೂ ಹೆಚ್ಚು ಬಡವರು ಆತ್ಮಹತ್ಯೆ ಮಾಡಿಕೊಂಡಾಗ ಬರಲಿಲ್ಲ, ಐಪಿಎಲ್ ವಿಜಯೋತ್ಸವದ
ಸಂದರ್ಭದಲ್ಲಿ ಸರ್ಕಾರದ ಎಡವಟ್ಟಿನಿಂದ 11 ಜನ ಅಮಾಯಕ ಯುವಕರು ಸತ್ತಾಗ ಬರಲಿಲ್ಲ. ಈಗ ನಾಳೆ ಎದುರಾಗಲಿರುವ ಬಿಹಾರ ಚುನಾವಣಾ ಸೋಲಿಗೆ ಕುಂಟು ನೆಪ ಸೃಷ್ಟಿಸಿ ತಮ ಅಸಾಮರ್ಥ್ಯಕ್ಕೆ, ವೈಫಲ್ಯಕ್ಕೆ ನಿರೀಕ್ಷಣಾ ಜಾಮೀನು ತೆಗೆದುಕೊಳ್ಳೋಕೆ ಬರುತ್ತಿದ್ದೀರಲ್ಲ, ನಿಮ್ಮ ಕಾಂಗ್ರೆಸ್ ಪಕ್ಷದ ಲಜ್ಜೆಗೇಡಿತನಕ್ಕೆ ಕನ್ನಡಿಗರು ರೋಸಿ ಹೋಗಿದ್ದಾರೆ ಎಂದು ಕಿಡಿಕಾರಿದ್ದಾರೆ. ಮತ್ತೊಂದು ಪೋಸ್ಟ್‌ನಲ್ಲಿ ಕೆಂಪೇಗೌಡರು ಕಟ್ಟಿದ ಕೆರೆಗಳನ್ನು ರಿಯಲ್ ಎಸ್ಟೇಟ್ ಕುಳಗಳ ಕಪಿಮುಷ್ಟಿಗೆ ಕೊಡಲು ಹೊರಟಿದೆ ಕಾಂಗ್ರೆಸ್ ಸರ್ಕಾರ! ಕರ್ನಾಟಕ ಕೆರೆ ಸಂರಕ್ಷಣೆ ಮತ್ತು ಅಭಿವೃದ್ಧಿ ಪ್ರಾಧಿಕಾರದ ಕಾಯ್ದೆ 2024ರ (ಕೆಟಿಸಿಡಿಎ)ಯಡಿ ಇರುವ ಎಲ್ಲ ಕೆರೆಗಳಿಗೆ 30 ಮೀಟರ್ ಬಫರ್ ಝೋನ್ ಇರಬೇಕು ಎಂಬ ನಿಯಮಕ್ಕೆ ತಿದ್ದುಪಡಿ ತಂದು ಸಂರಕ್ಷಿತ ಪ್ರದೇಶವನ್ನು ಕಡಿಮೆ ಮಾಡಲು ಹೊರಟಿರುವ ಕಾಂಗ್ರೆಸ್ ಸರ್ಕಾರ ರಿಯಲ್ ಎಸ್ಟೇಟ್ ಮಾಫಿಯಾಗೆ ಶರಣಾಗಿ ಬೆಂಗಳೂರು ನಗರವನ್ನು ಸರ್ವನಾಶ ಮಾಡಲು ಪಣ
ತೊಟ್ಟಂತಿದೆ ಎಂದು ಗಂಭೀರ ಆರೋಪ ಮಾಡಿದ್ದಾರೆ. ಈ ತಿದ್ದುಪಡಿ ಜಾರಿಯಾದರೆ, ಬಿಬಿಎಂಪಿ ವ್ಯಾಪ್ತಿಯಲ್ಲಿರುವ 172 ಕೆರೆಗಳ ಬಫರ್ ಝೋನ್ 30 ಮೀಟರ್‌ಗಿಂತ ಕಡಿಮೆಯಾಗಲಿದ್ದು, ಪ್ರಕೃತಿ ವಿಕೋಪಗಳಿಗೆ ದಾರಿ ಮಾಡಿಕೊಡಲಿದೆ ಎಂದು ಆಕ್ರೋಶ ವ್ಯಕ್ತಪಡಿಸಿದ್ದಾರೆ. ಒಂದುಕಡೆ ಸುಪ್ರೀಂಕೋರ್ಟ್, ರಾಷ್ಟ್ರೀಯ ಹಸಿರು ನ್ಯಾಯಮಂಡಳಿ (ಎನ್‌ಜಿಟಿ), ಹೈಕೋರ್ಟ್ ಹಲವು ಬಾರಿ ಆದೇಶ ನೀಡಿದ್ದರೂ ಕೆರೆಗಳ ಒತ್ತುವರಿ ತೆರವು ಮಾಡಿಲ್ಲ. ಬಫರ್ ಝೋನ್ ಅಂತೂ ಇಲ್ಲವೇ ಇಲ್ಲ. ಈಗ ಕೆರೆಗಳ ಸಂರಕ್ಷಿತ ವಲಯವನ್ನು ಕಡಿಮೆ ಮಾಡುವ ಕಾಂಗ್ರೆಸ್ ಸರ್ಕಾರದ ತೀರ್ಮಾನ ಬ್ರ್ಯಾಂಡ್ ಬೆಂಗಳೂರಿನ ಭವಿಷ್ಯಕ್ಕೆ ಮಾರಕವಾಗಲಿದೆ ಎಂದು ಉಲ್ಲೇಖಿಸಿದ್ದಾರೆ. ಡಿಸಿಎಂ ಡಿ.ಕೆ.ಶಿವಕುಮಾರ್ ಅವರೇ, ಬ್ರ್ಯಾಂಡ್ ಬೆಂಗಳೂರು ಕಟ್ಟುತ್ತೇನೆ ಎಂದು ಬೆಂಗಳೂರಿನ ಕೆರೆಗಳನ್ನು ಭೂ ಮಾಫಿಯಾಗೆ ಧಾರೆ ಎರೆದು ಕೊಡುತ್ತಿದ್ದೀರಲ್ಲ ಸ್ವಾಮಿ, ನಿಮ್ಮ ಭೂದಾಹಕ್ಕೆ ಇನ್ನೆಷ್ಟು ಕೆರೆಗಳು ಬಲಿಯಾಗಬೇಕು? ಎಂದು ಆಕ್ರೋಶ ವ್ಯಕ್ತಪಡಿಸಿದ್ದಾರೆ.
